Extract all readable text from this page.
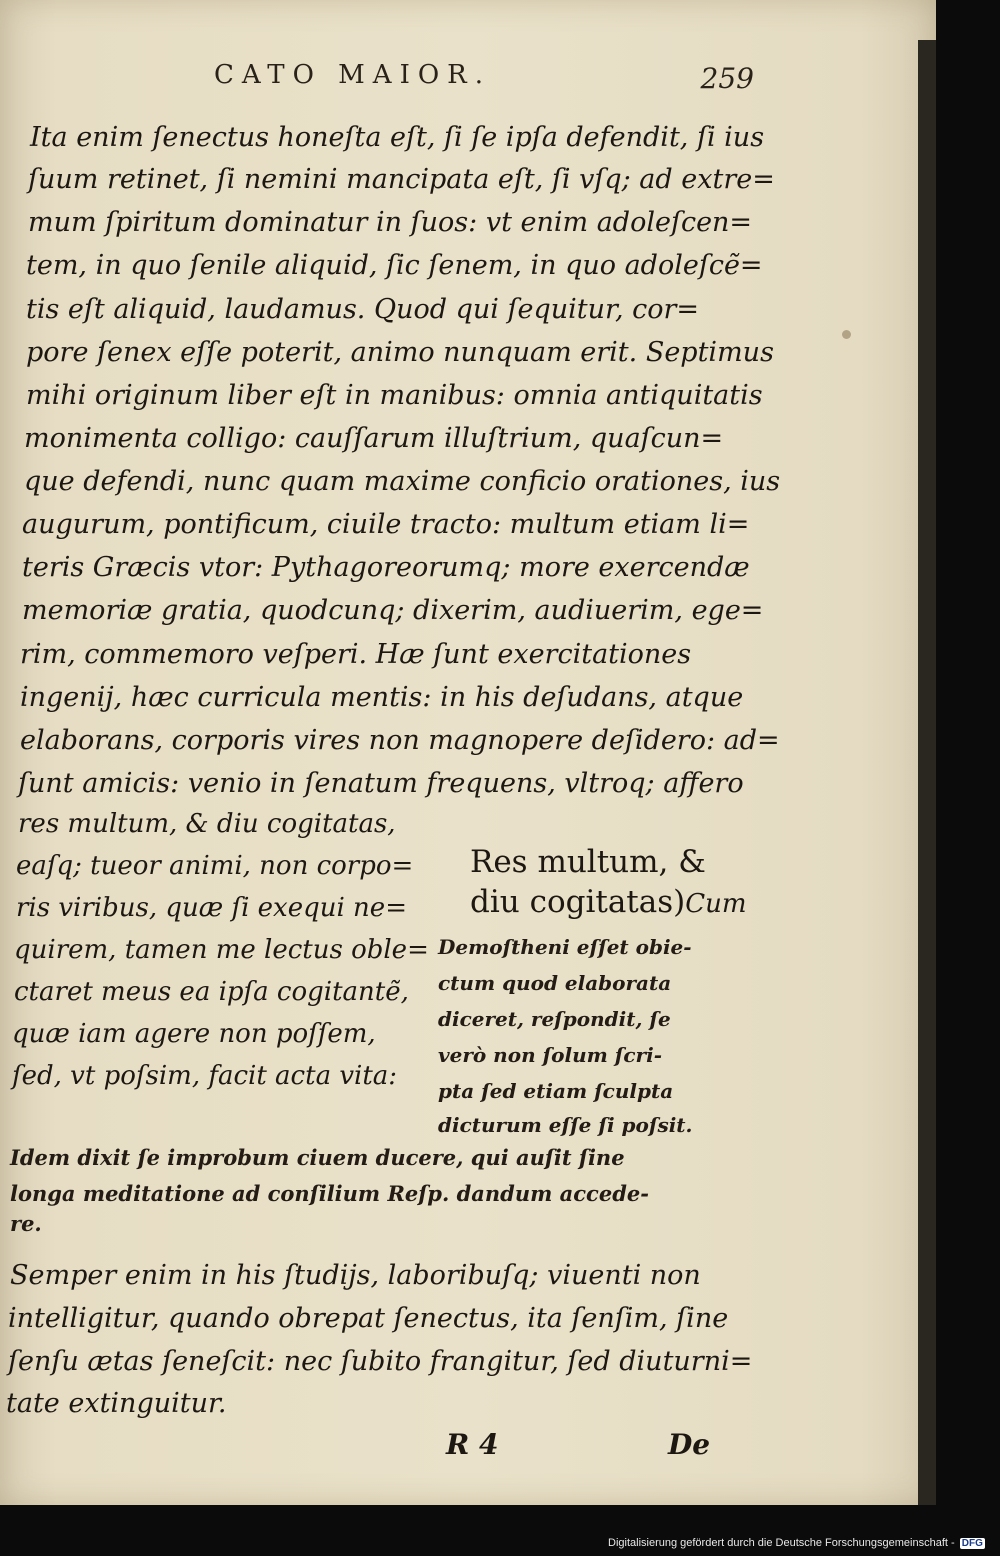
CATO MAIOR.	259
Ita enim ſenectus honeſta eſt, ſi ſe ipſa defendit, ſi ius
ſuum retinet, ſi nemini mancipata eſt, ſi vſq; ad extre=
mum ſpiritum dominatur in ſuos: vt enim adoleſcen=
tem, in quo ſenile aliquid, ſic ſenem, in quo adoleſcẽ=
tis eſt aliquid, laudamus. Quod qui ſequitur, cor=
pore ſenex eſſe poterit, animo nunquam erit. Septimus
mihi originum liber eſt in manibus: omnia antiquitatis
monimenta colligo: cauſſarum illuſtrium, quaſcun=
que defendi, nunc quam maxime conficio orationes, ius
augurum, pontificum, ciuile tracto: multum etiam li=
teris Græcis vtor: Pythagoreorumq; more exercendæ
memoriæ gratia, quodcunq; dixerim, audiuerim, ege=
rim, commemoro veſperi. Hæ ſunt exercitationes
ingenij, hæc curricula mentis: in his deſudans, atque
elaborans, corporis vires non magnopere deſidero: ad=
ſunt amicis: venio in ſenatum frequens, vltroq; affero
res multum, & diu cogitatas,
eaſq; tueor animi, non corpo=
ris viribus, quæ ſi exequi ne=
quirem, tamen me lectus oble=
ctaret meus ea ipſa cogitantẽ,
quæ iam agere non poſſem,
ſed, vt poſsim, facit acta vita:
Res multum, &
diu cogitatas)Cum
Demoſtheni eſſet obie-
ctum quod elaborata
diceret, reſpondit, ſe
verò non ſolum ſcri-
pta ſed etiam ſculpta
dicturum eſſe ſi poſsit.
Idem dixit ſe improbum ciuem ducere, qui auſit ſine
longa meditatione ad conſilium Reſp. dandum accede-
re.
Semper enim in his ſtudijs, laboribuſq; viuenti non
intelligitur, quando obrepat ſenectus, ita ſenſim, ſine
ſenſu ætas ſeneſcit: nec ſubito frangitur, ſed diuturni=
tate extinguitur.
R 4	De
Digitalisierung gefördert durch die Deutsche Forschungsgemeinschaft - DFG
